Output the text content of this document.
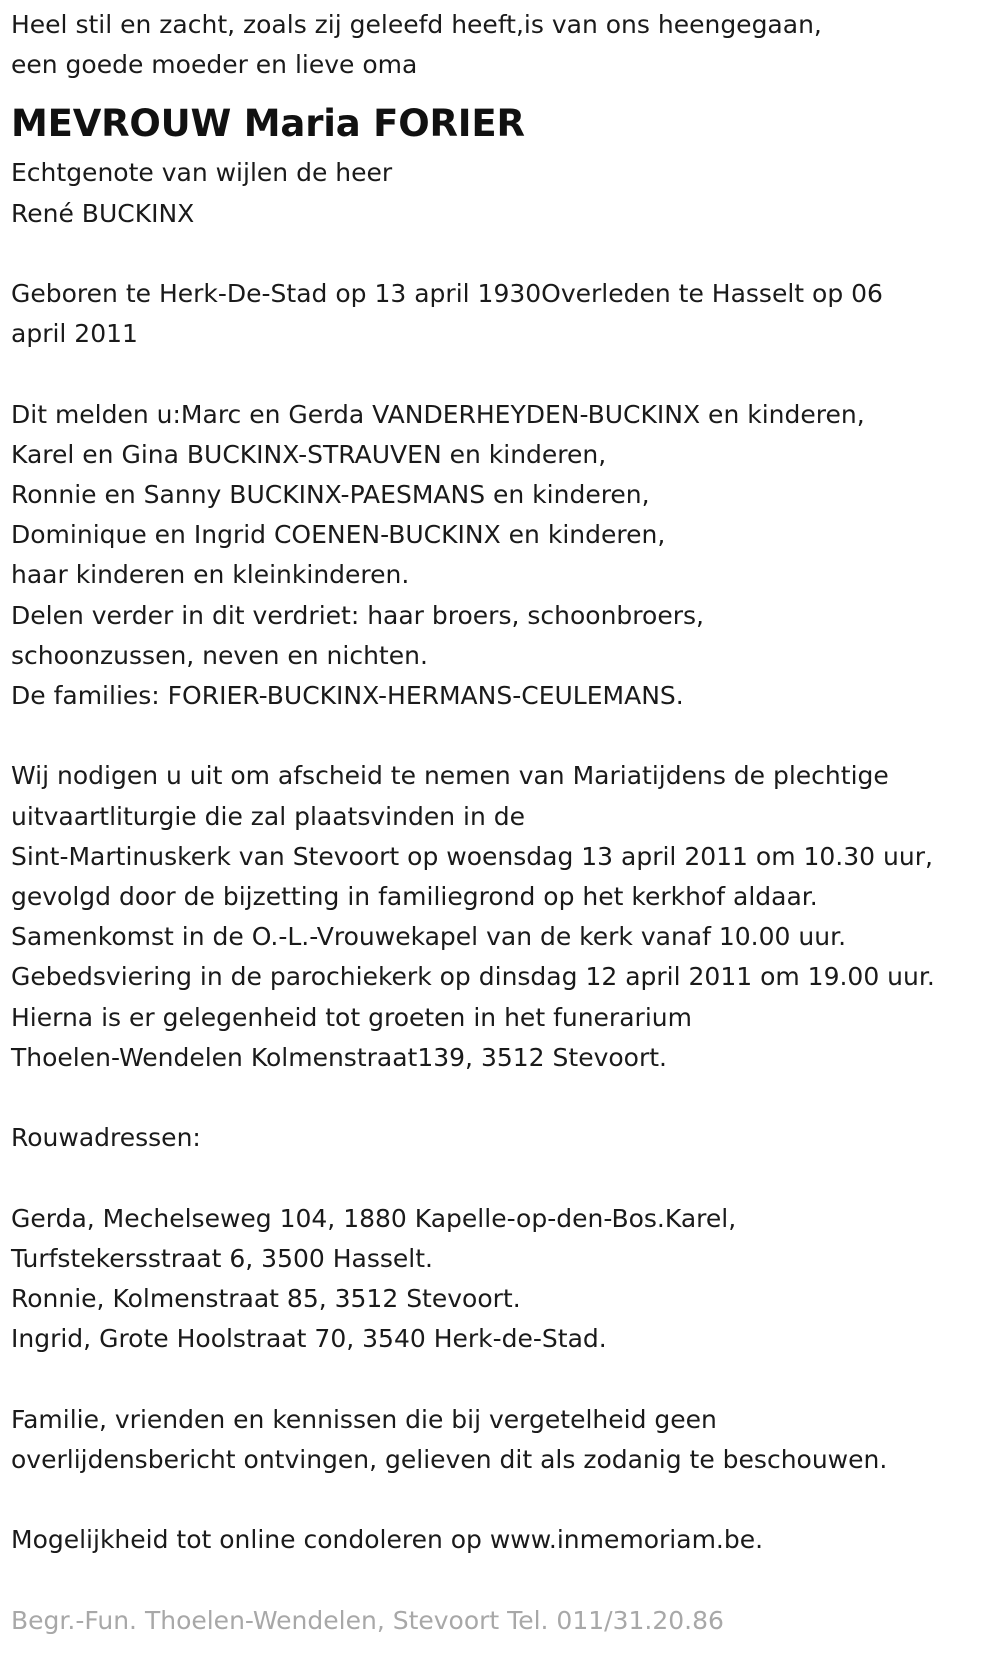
Heel stil en zacht, zoals zij geleefd heeft,is van ons heengegaan,

een goede moeder en lieve oma

MEVROUW Maria FORIER

Echtgenote van wijlen de heer

René BUCKINX

Geboren te Herk-De-Stad op 13 april 1930Overleden te Hasselt op 06

april 2011

Dit melden u:Marc en Gerda VANDERHEYDEN-BUCKINX en kinderen,

Karel en Gina BUCKINX-STRAUVEN en kinderen,

Ronnie en Sanny BUCKINX-PAESMANS en kinderen,

Dominique en Ingrid COENEN-BUCKINX en kinderen,

haar kinderen en kleinkinderen.

Delen verder in dit verdriet: haar broers, schoonbroers,

schoonzussen, neven en nichten.

De families: FORIER-BUCKINX-HERMANS-CEULEMANS.

Wij nodigen u uit om afscheid te nemen van Mariatijdens de plechtige

uitvaartliturgie die zal plaatsvinden in de

Sint-Martinuskerk van Stevoort op woensdag 13 april 2011 om 10.30 uur,

gevolgd door de bijzetting in familiegrond op het kerkhof aldaar.

Samenkomst in de O.-L.-Vrouwekapel van de kerk vanaf 10.00 uur.

Gebedsviering in de parochiekerk op dinsdag 12 april 2011 om 19.00 uur.

Hierna is er gelegenheid tot groeten in het funerarium

Thoelen-Wendelen Kolmenstraat139, 3512 Stevoort.

Rouwadressen:

Gerda, Mechelseweg 104, 1880 Kapelle-op-den-Bos.Karel,

Turfstekersstraat 6, 3500 Hasselt.

Ronnie, Kolmenstraat 85, 3512 Stevoort.

Ingrid, Grote Hoolstraat 70, 3540 Herk-de-Stad.

Familie, vrienden en kennissen die bij vergetelheid geen

overlijdensbericht ontvingen, gelieven dit als zodanig te beschouwen.

Mogelijkheid tot online condoleren op www.inmemoriam.be.

Begr.-Fun. Thoelen-Wendelen, Stevoort Tel. 011/31.20.86
